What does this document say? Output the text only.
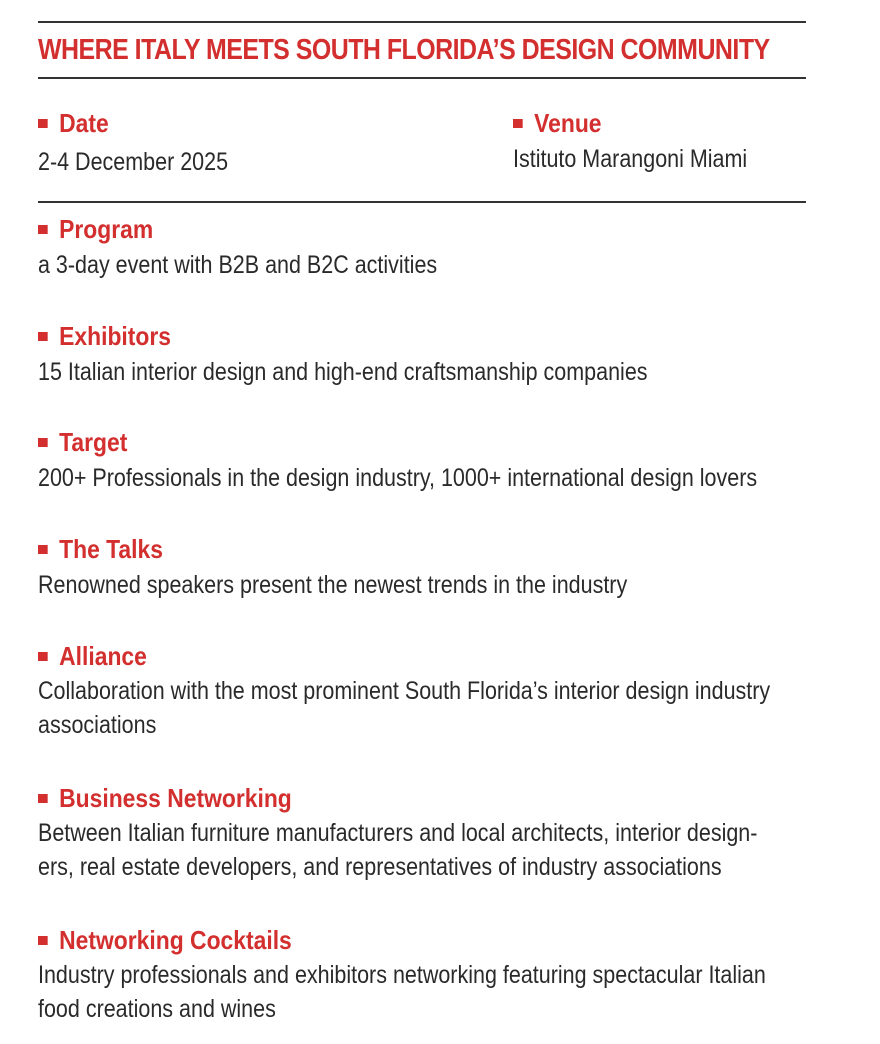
WHERE ITALY MEETS SOUTH FLORIDA’S DESIGN COMMUNITY
Date
2-4 December 2025
Venue
Istituto Marangoni Miami
Program
a 3-day event with B2B and B2C activities
Exhibitors
15 Italian interior design and high-end craftsmanship companies
Target
200+ Professionals in the design industry, 1000+ international design lovers
The Talks
Renowned speakers present the newest trends in the industry
Alliance
Collaboration with the most prominent South Florida’s interior design industry
associations
Business Networking
Between Italian furniture manufacturers and local architects, interior design-
ers, real estate developers, and representatives of industry associations
Networking Cocktails
Industry professionals and exhibitors networking featuring spectacular Italian
food creations and wines
